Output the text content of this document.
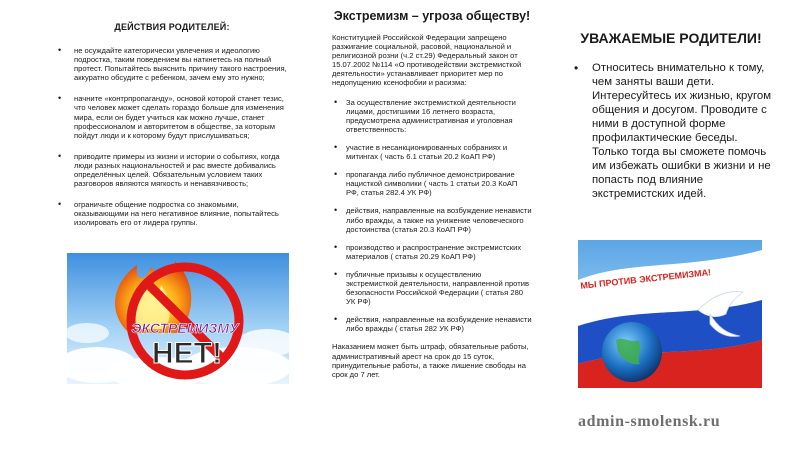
ДЕЙСТВИЯ РОДИТЕЛЕЙ:
• не осуждайте категорически увлечения и идеологию подростка, таким поведением вы наткнетесь на полный протест. Попытайтесь выяснить причину такого настроения, аккуратно обсудите с ребенком, зачем ему это нужно;
• начните «контрпропаганду», основой которой станет тезис, что человек может сделать гораздо больше для изменения мира, если он будет учиться как можно лучше, станет профессионалом и авторитетом в обществе, за которым пойдут люди и к которому будут прислушиваться;
• приводите примеры из жизни и истории о событиях, когда люди разных национальностей и рас вместе добивались определённых целей. Обязательным условием таких разговоров являются мягкость и ненавязчивость;
• ограничьте общение подростка со знакомыми, оказывающими на него негативное влияние, попытайтесь изолировать его от лидера группы.
Экстремизм – угроза обществу!

Конституцией Российской Федерации запрещено разжигание социальной, расовой, национальной и религиозной розни (ч.2 ст.29) Федеральный закон от 15.07.2002 №114 «О противодействии экстремисткой деятельности» устанавливает приоритет мер по недопущению ксенофобии и расизма:

• За осуществление экстремисткой деятельности лицами, достигшими 16 летнего возраста, предусмотрена административная и уголовная ответственность:
• участие в несанкционированных собраниях и митингах ( часть 6.1 статьи 20.2 КоАП РФ)
• пропаганда либо публичное демонстрирование нацисткой символики ( часть 1 статьи 20.3 КоАП РФ, статья 282.4 УК РФ)
• действия, направленные на возбуждение ненависти либо вражды, а также на унижение человеческого достоинства (статья 20.3 КоАП РФ)
• производство и распространение экстремистских материалов ( статья 20.29 КоАП РФ)
• публичные призывы к осуществлению экстремисткой деятельности, направленной против безопасности Российской Федерации ( статья 280 УК РФ)
• действия, направленные на возбуждение ненависти либо вражды ( статья 282 УК РФ)

Наказанием может быть штраф, обязательные работы, административный арест на срок до 15 суток, принудительные работы, а также лишение свободы на срок до 7 лет.

УВАЖАЕМЫЕ РОДИТЕЛИ!
• Относитесь внимательно к тому, чем заняты ваши дети. Интересуйтесь их жизнью, кругом общения и досугом. Проводите с ними в доступной форме профилактические беседы. Только тогда вы сможете помочь им избежать ошибки в жизни и не попасть под влияние экстремистских идей.
ЭКСТРЕМИЗМУ
НЕТ!
МЫ ПРОТИВ ЭКСТРЕМИЗМА!
admin-smolensk.ru
